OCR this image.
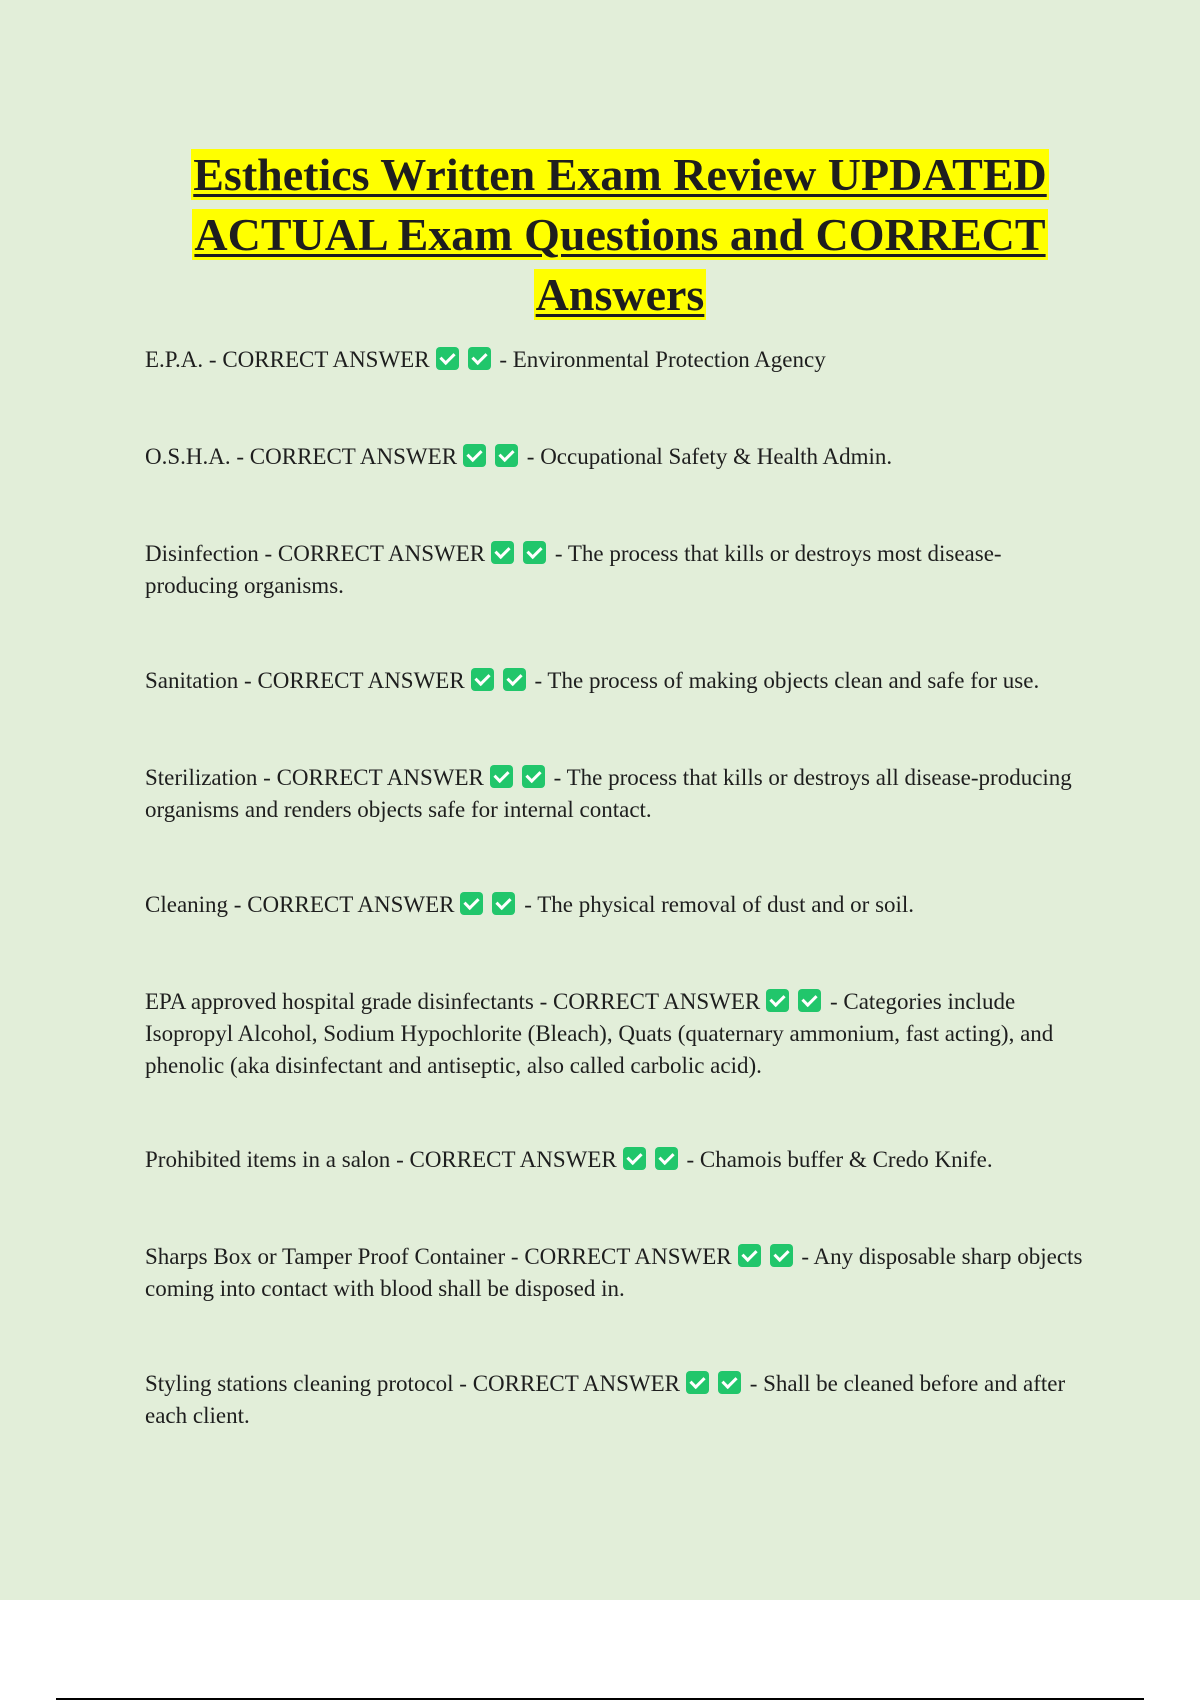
Esthetics Written Exam Review UPDATED
ACTUAL Exam Questions and CORRECT
Answers

E.P.A. - CORRECT ANSWER	- Environmental Protection Agency

O.S.H.A. - CORRECT ANSWER	- Occupational Safety & Health Admin.

Disinfection - CORRECT ANSWER	- The process that kills or destroys most disease-producing organisms.

Sanitation - CORRECT ANSWER	- The process of making objects clean and safe for use.

Sterilization - CORRECT ANSWER	- The process that kills or destroys all disease-producing organisms and renders objects safe for internal contact.

Cleaning - CORRECT ANSWER	- The physical removal of dust and or soil.

EPA approved hospital grade disinfectants - CORRECT ANSWER	- Categories include Isopropyl Alcohol, Sodium Hypochlorite (Bleach), Quats (quaternary ammonium, fast acting), and phenolic (aka disinfectant and antiseptic, also called carbolic acid).

Prohibited items in a salon - CORRECT ANSWER	- Chamois buffer & Credo Knife.

Sharps Box or Tamper Proof Container - CORRECT ANSWER	- Any disposable sharp objects coming into contact with blood shall be disposed in.

Styling stations cleaning protocol - CORRECT ANSWER	- Shall be cleaned before and after each client.
